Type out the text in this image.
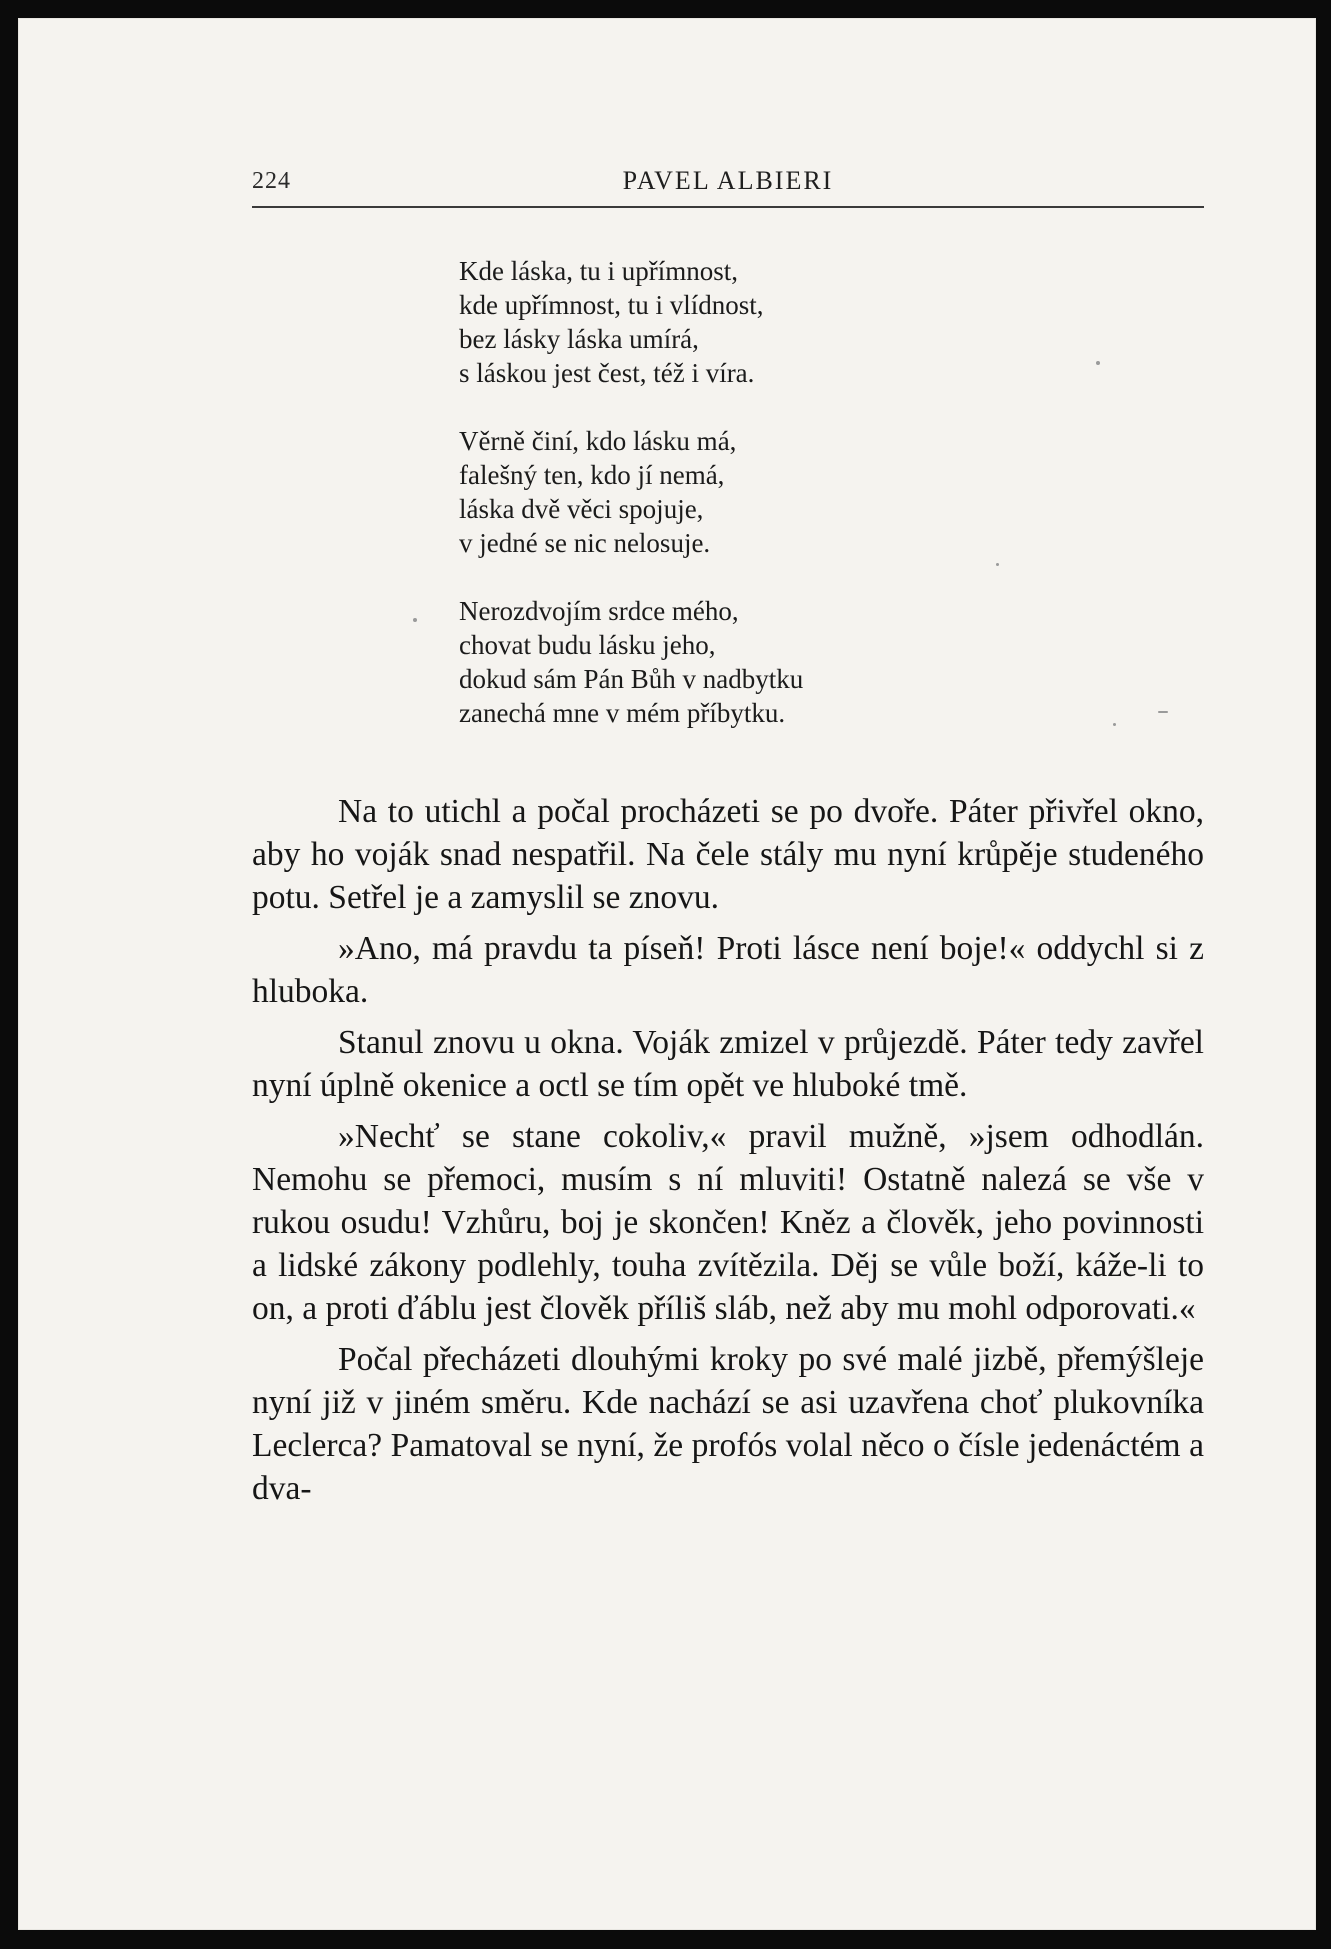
224	PAVEL ALBIERI
Kde láska, tu i upřímnost,
kde upřímnost, tu i vlídnost,
bez lásky láska umírá,
s láskou jest čest, též i víra.
Věrně činí, kdo lásku má,
falešný ten, kdo jí nemá,
láska dvě věci spojuje,
v jedné se nic nelosuje.
Nerozdvojím srdce mého,
chovat budu lásku jeho,
dokud sám Pán Bůh v nadbytku
zanechá mne v mém příbytku.

Na to utichl a počal procházeti se po dvoře. Páter přivřel okno, aby ho voják snad nespatřil. Na čele stály mu nyní krůpěje studeného potu. Setřel je a zamyslil se znovu.

»Ano, má pravdu ta píseň! Proti lásce není boje!« oddychl si z hluboka.

Stanul znovu u okna. Voják zmizel v průjezdě. Páter tedy zavřel nyní úplně okenice a octl se tím opět ve hluboké tmě.

»Nechť se stane cokoliv,« pravil mužně, »jsem odhodlán. Nemohu se přemoci, musím s ní mluviti! Ostatně nalezá se vše v rukou osudu! Vzhůru, boj je skončen! Kněz a člověk, jeho povinnosti a lidské zákony podlehly, touha zvítězila. Děj se vůle boží, káže-li to on, a proti ďáblu jest člověk příliš sláb, než aby mu mohl odporovati.«

Počal přecházeti dlouhými kroky po své malé jizbě, přemýšleje nyní již v jiném směru. Kde nachází se asi uzavřena choť plukovníka Leclerca? Pamatoval se nyní, že profós volal něco o čísle jedenáctém a dva-
